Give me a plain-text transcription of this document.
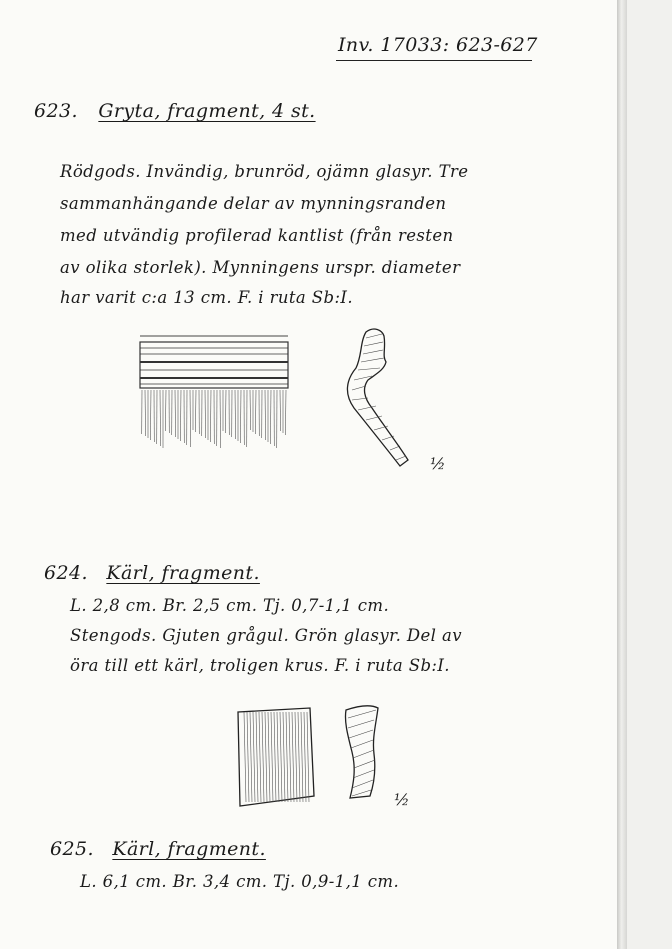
Inv. 17033: 623-627
623. Gryta, fragment, 4 st.
Rödgods. Invändig, brunröd, ojämn glasyr. Tre
sammanhängande delar av mynningsranden
med utvändig profilerad kantlist (från resten
av olika storlek). Mynningens urspr. diameter
har varit c:a 13 cm. F. i ruta Sb:I.
½
624. Kärl, fragment.
L. 2,8 cm. Br. 2,5 cm. Tj. 0,7-1,1 cm.
Stengods. Gjuten grågul. Grön glasyr. Del av
öra till ett kärl, troligen krus. F. i ruta Sb:I.
½
625. Kärl, fragment.
L. 6,1 cm. Br. 3,4 cm. Tj. 0,9-1,1 cm.
